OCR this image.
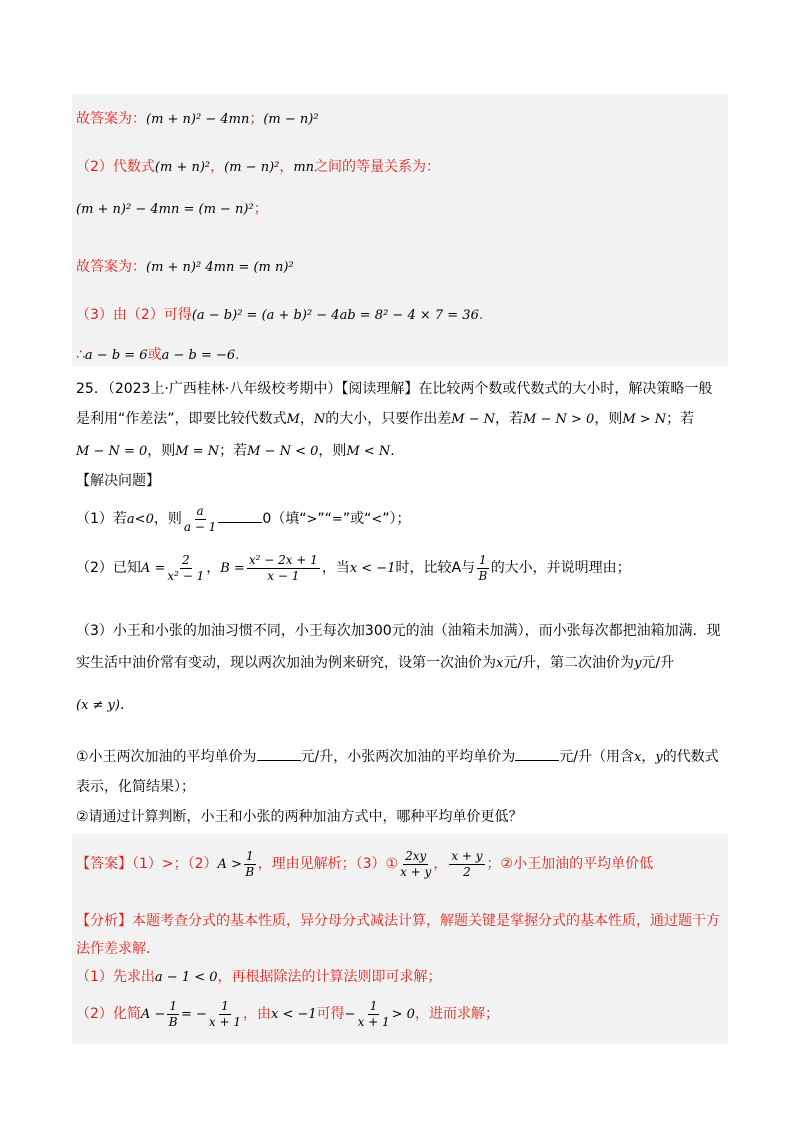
故答案为：(m + n)² − 4mn；(m − n)²
（2）代数式(m + n)²，(m − n)²，mn之间的等量关系为：
(m + n)² − 4mn = (m − n)²；
故答案为：(m + n)² 4mn = (m n)²
（3）由（2）可得(a − b)² = (a + b)² − 4ab = 8² − 4 × 7 = 36.
∴a − b = 6或a − b = −6.
25．（2023上·广西桂林·八年级校考期中）【阅读理解】在比较两个数或代数式的大小时，解决策略一般
是利用“作差法”，即要比较代数式M，N的大小，只要作出差M − N，若M − N > 0，则M > N；若
M − N = 0，则M = N；若M − N < 0，则M < N.
【解决问题】
（1）若a<0，则 $\frac{a}{a - 1}$	0（填“>”“=”或“<”）；
（2）已知$A = \frac{2}{\text{x² − 1}}$ ，$B = \frac{\text{x² − 2x + 1}}{x - 1}$ ，当x < −1时，比较A与 $\frac{1}{B}$ 的大小，并说明理由；
（3）小王和小张的加油习惯不同，小王每次加300元的油（油箱未加满），而小张每次都把油箱加满．现
实生活中油价常有变动，现以两次加油为例来研究，设第一次油价为x元/升，第二次油价为y元/升
(x ≠ y).
①小王两次加油的平均单价为	元/升，小张两次加油的平均单价为	元/升（用含x，y的代数式
表示，化简结果）；
②请通过计算判断，小王和小张的两种加油方式中，哪种平均单价更低？
【答案】（1）>；$(2)A > \frac{1}{B}$ ，理由见解析；（3）① $\frac{2xy}{x + y}$ ， $\frac{x + y}{2}$ ；②小王加油的平均单价低
【分析】本题考查分式的基本性质，异分母分式减法计算，解题关键是掌握分式的基本性质，通过题干方
法作差求解．
（1）先求出a − 1 < 0，再根据除法的计算法则即可求解；
（2）化简$A - \frac{1}{B}$ = − $\frac{1}{x + 1}$ ，由x < −1可得− $\frac{1}{x + 1} > 0$，进而求解；
